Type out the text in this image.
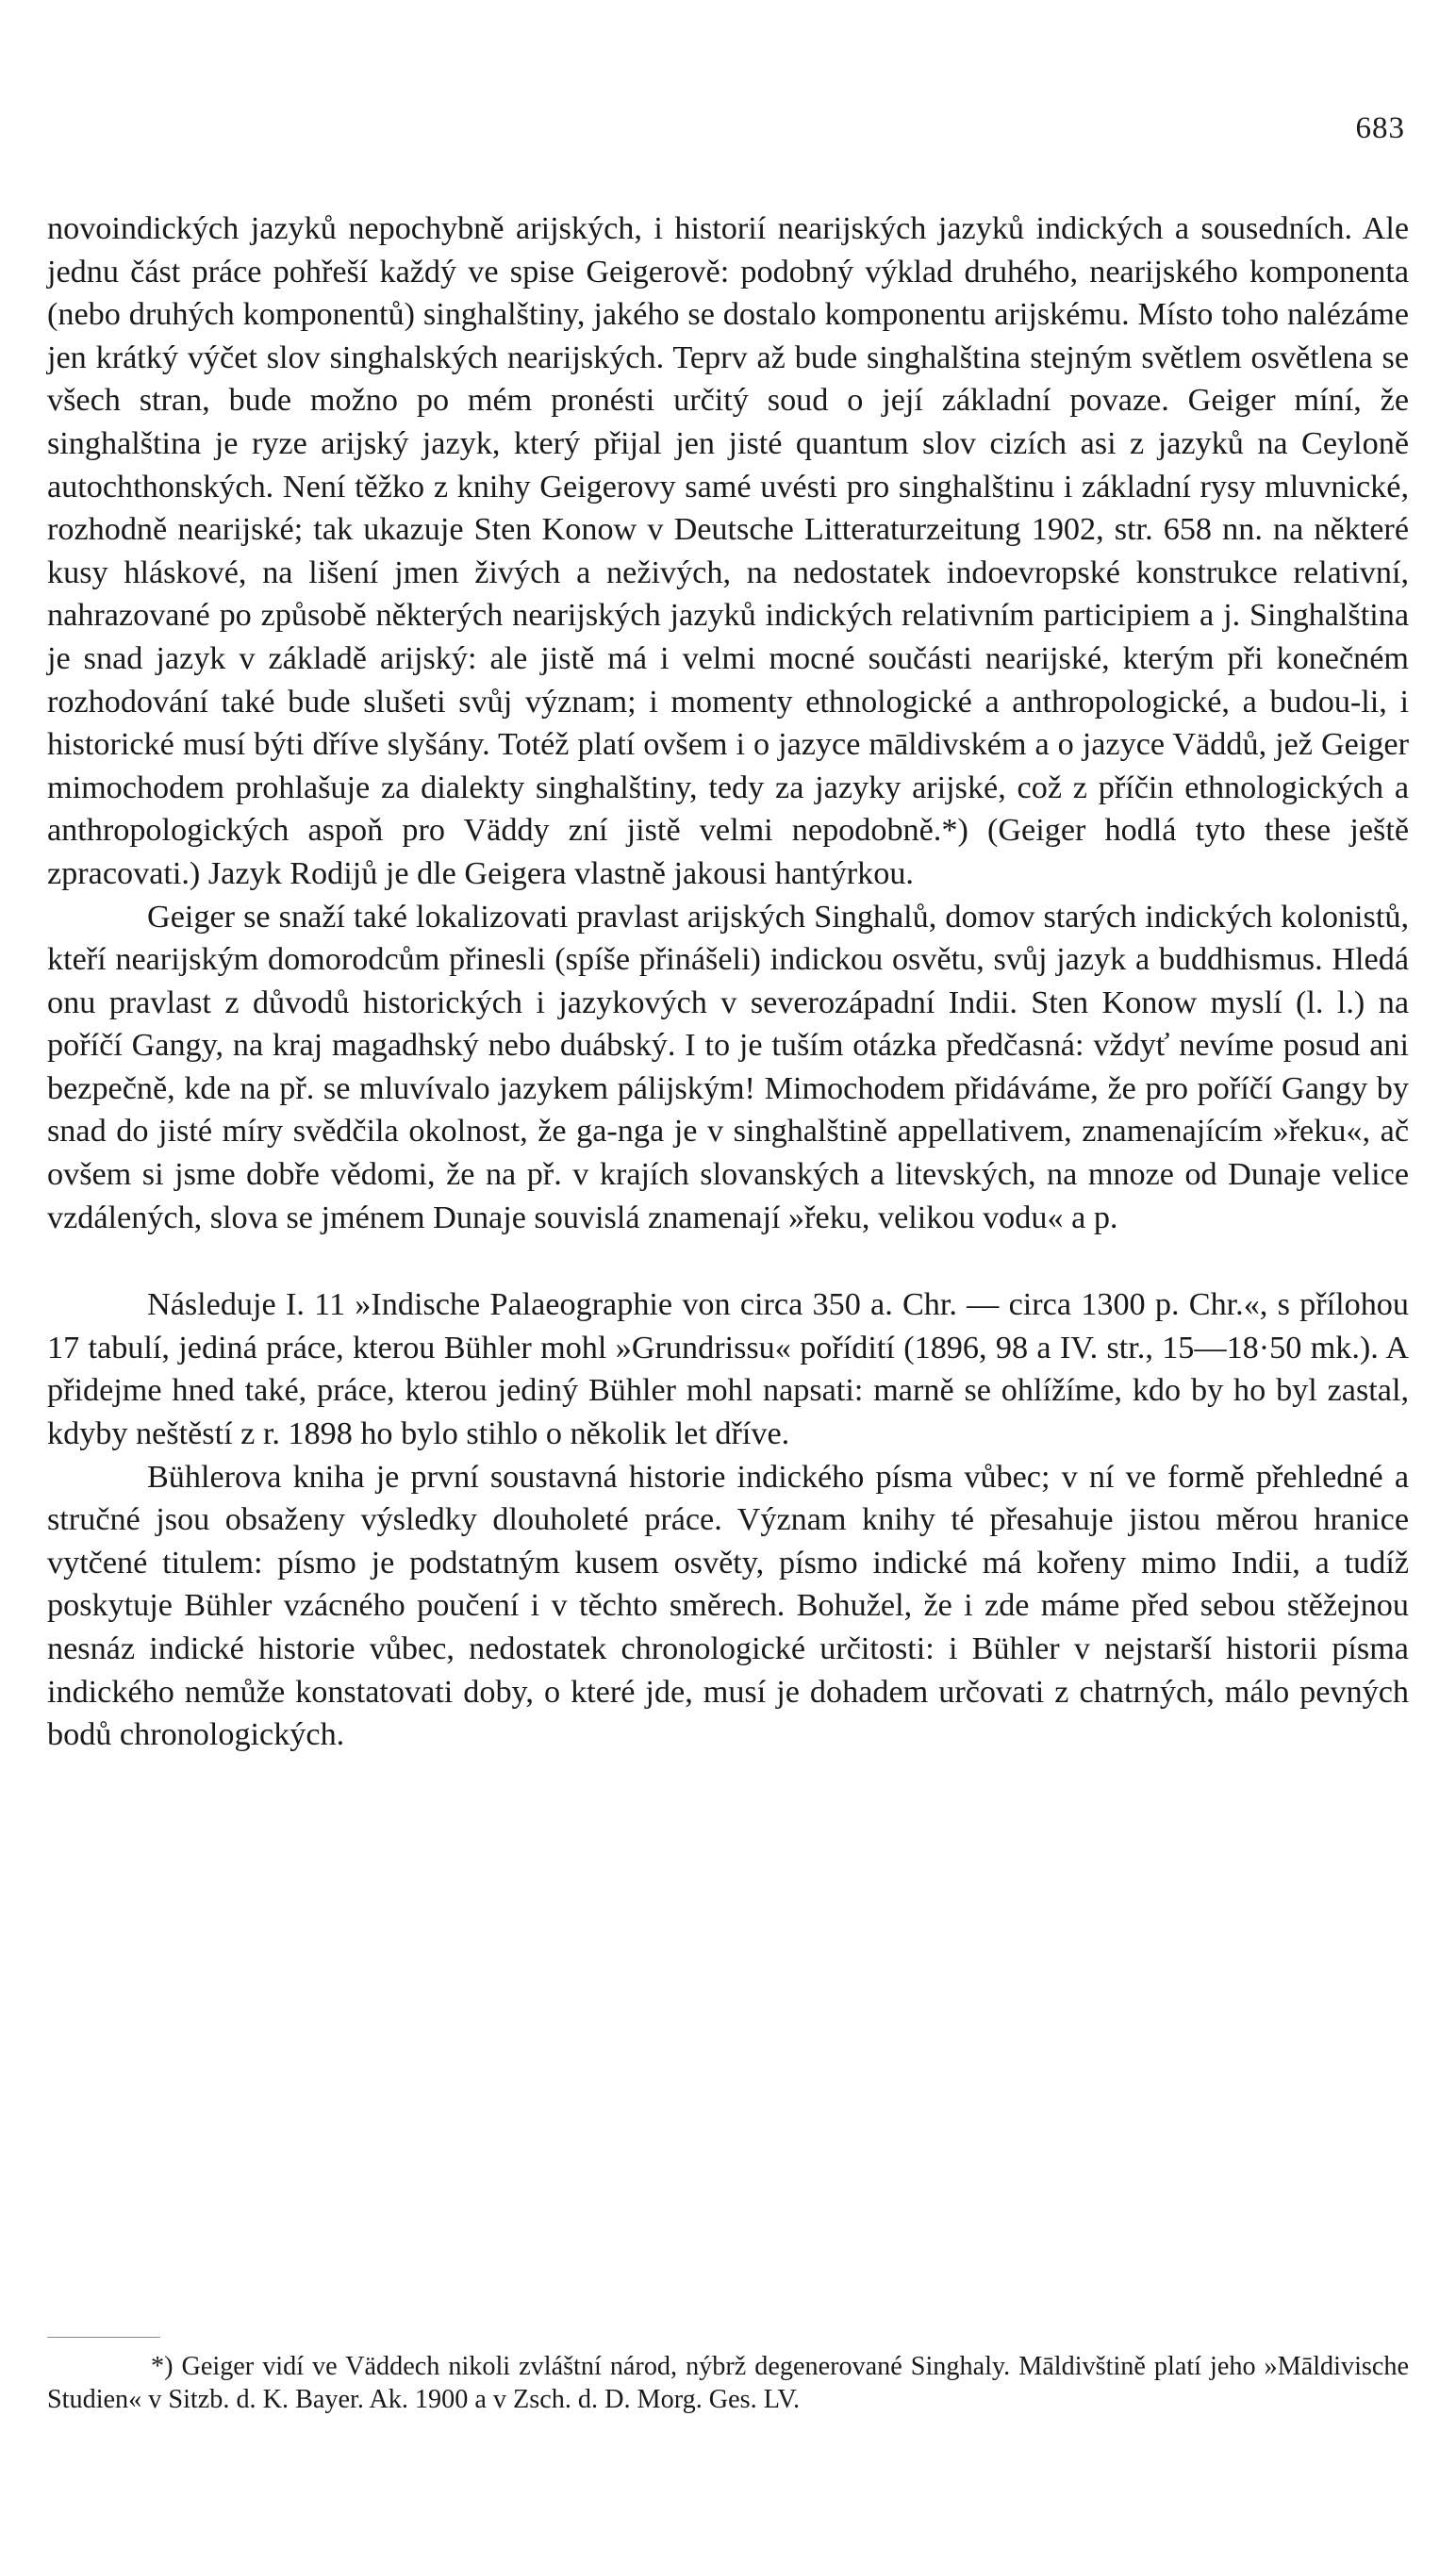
683

novoindických jazyků nepochybně arijských, i historií nearijských jazyků indických a sousedních. Ale jednu část práce pohřeší každý ve spise Geigerově: podobný výklad druhého, nearijského komponenta (nebo druhých komponentů) singhalštiny, jakého se dostalo komponentu arijskému. Místo toho nalézáme jen krátký výčet slov singhalských nearijských. Teprv až bude singhalština stejným světlem osvětlena se všech stran, bude možno po mém pronésti určitý soud o její základní povaze. Geiger míní, že singhalština je ryze arijský jazyk, který přijal jen jisté quantum slov cizích asi z jazyků na Ceyloně autochthonských. Není těžko z knihy Geigerovy samé uvésti pro singhalštinu i základní rysy mluvnické, rozhodně nearijské; tak ukazuje Sten Konow v Deutsche Litteraturzeitung 1902, str. 658 nn. na některé kusy hláskové, na lišení jmen živých a neživých, na nedostatek indoevropské konstrukce relativní, nahrazované po způsobě některých nearijských jazyků indických relativním participiem a j. Singhalština je snad jazyk v základě arijský: ale jistě má i velmi mocné součásti nearijské, kterým při konečném rozhodování také bude slušeti svůj význam; i momenty ethnologické a anthropologické, a budou-li, i historické musí býti dříve slyšány. Totéž platí ovšem i o jazyce māldivském a o jazyce Väddů, jež Geiger mimochodem prohlašuje za dialekty singhalštiny, tedy za jazyky arijské, což z příčin ethnologických a anthropologických aspoň pro Väddy zní jistě velmi nepodobně.*) (Geiger hodlá tyto these ještě zpracovati.) Jazyk Rodijů je dle Geigera vlastně jakousi hantýrkou.

Geiger se snaží také lokalizovati pravlast arijských Singhalů, domov starých indických kolonistů, kteří nearijským domorodcům přinesli (spíše přinášeli) indickou osvětu, svůj jazyk a buddhismus. Hledá onu pravlast z důvodů historických i jazykových v severozápadní Indii. Sten Konow myslí (l. l.) na poříčí Gangy, na kraj magadhský nebo duábský. I to je tuším otázka předčasná: vždyť nevíme posud ani bezpečně, kde na př. se mluvívalo jazykem pálijským! Mimochodem přidáváme, že pro poříčí Gangy by snad do jisté míry svědčila okolnost, že ga-nga je v singhalštině appellativem, znamenajícím »řeku«, ač ovšem si jsme dobře vědomi, že na př. v krajích slovanských a litevských, na mnoze od Dunaje velice vzdálených, slova se jménem Dunaje souvislá znamenají »řeku, velikou vodu« a p.

Následuje I. 11 »Indische Palaeographie von circa 350 a. Chr. — circa 1300 p. Chr.«, s přílohou 17 tabulí, jediná práce, kterou Bühler mohl »Grundrissu« pořídití (1896, 98 a IV. str., 15—18·50 mk.). A přidejme hned také, práce, kterou jediný Bühler mohl napsati: marně se ohlížíme, kdo by ho byl zastal, kdyby neštěstí z r. 1898 ho bylo stihlo o několik let dříve.

Bühlerova kniha je první soustavná historie indického písma vůbec; v ní ve formě přehledné a stručné jsou obsaženy výsledky dlouholeté práce. Význam knihy té přesahuje jistou měrou hranice vytčené titulem: písmo je podstatným kusem osvěty, písmo indické má kořeny mimo Indii, a tudíž poskytuje Bühler vzácného poučení i v těchto směrech. Bohužel, že i zde máme před sebou stěžejnou nesnáz indické historie vůbec, nedostatek chronologické určitosti: i Bühler v nejstarší historii písma indického nemůže konstatovati doby, o které jde, musí je dohadem určovati z chatrných, málo pevných bodů chronologických.

*) Geiger vidí ve Väddech nikoli zvláštní národ, nýbrž degenerované Singhaly. Māldivštině platí jeho »Māldivische Studien« v Sitzb. d. K. Bayer. Ak. 1900 a v Zsch. d. D. Morg. Ges. LV.
